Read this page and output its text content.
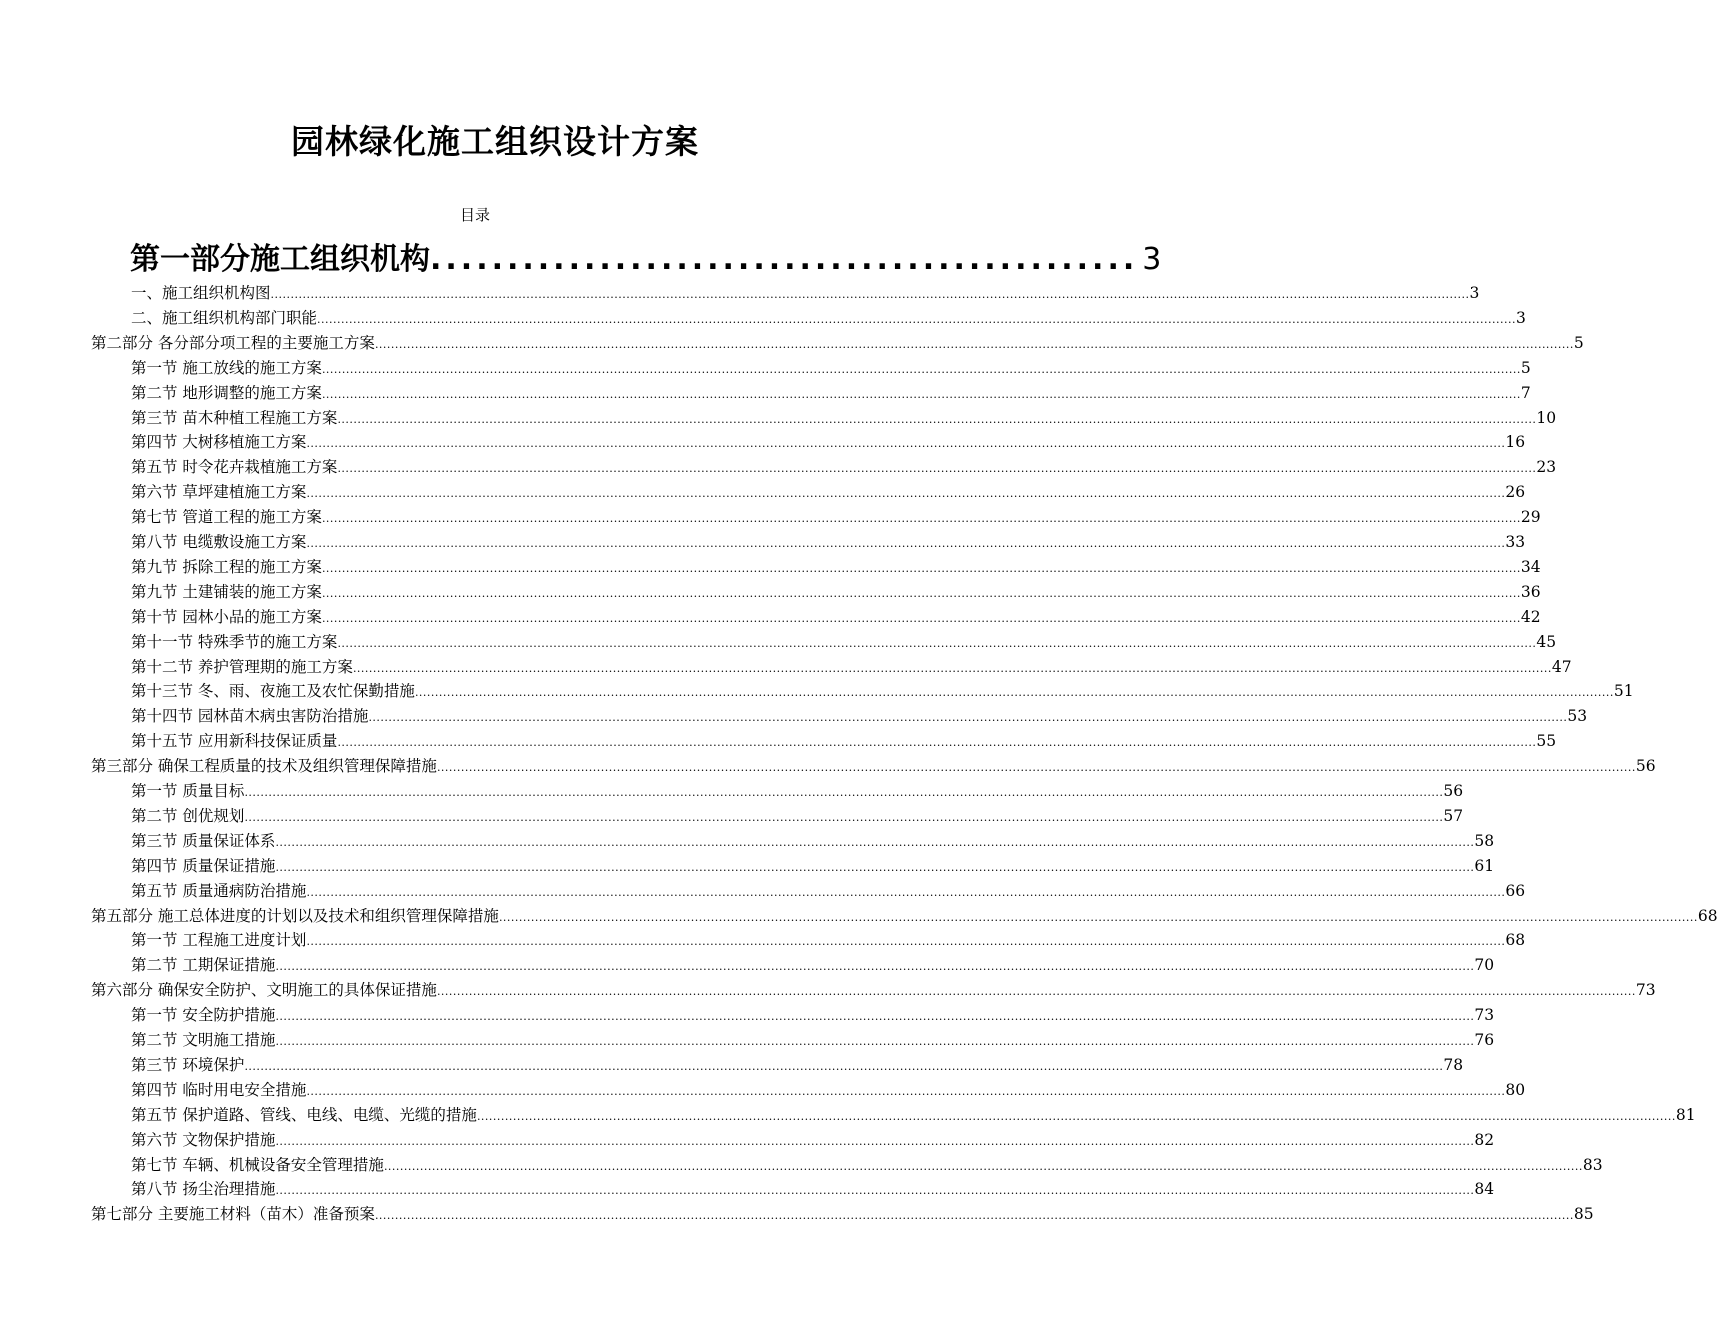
园林绿化施工组织设计方案
目录
第一部分 施工组织机构 .............................................. 3
一、施工组织机构图 ............................................................................................................................................................................................................................................................................................................ 3
二、施工组织机构部门职能 ............................................................................................................................................................................................................................................................................................................ 3
第二部分 各分部分项工程的主要施工方案 ............................................................................................................................................................................................................................................................................................................ 5
第一节 施工放线的施工方案 ............................................................................................................................................................................................................................................................................................................ 5
第二节 地形调整的施工方案 ............................................................................................................................................................................................................................................................................................................ 7
第三节 苗木种植工程施工方案 ............................................................................................................................................................................................................................................................................................................ 10
第四节 大树移植施工方案 ............................................................................................................................................................................................................................................................................................................ 16
第五节 时令花卉栽植施工方案 ............................................................................................................................................................................................................................................................................................................ 23
第六节 草坪建植施工方案 ............................................................................................................................................................................................................................................................................................................ 26
第七节 管道工程的施工方案 ............................................................................................................................................................................................................................................................................................................ 29
第八节 电缆敷设施工方案 ............................................................................................................................................................................................................................................................................................................ 33
第九节 拆除工程的施工方案 ............................................................................................................................................................................................................................................................................................................ 34
第九节 土建铺装的施工方案 ............................................................................................................................................................................................................................................................................................................ 36
第十节 园林小品的施工方案 ............................................................................................................................................................................................................................................................................................................ 42
第十一节 特殊季节的施工方案 ............................................................................................................................................................................................................................................................................................................ 45
第十二节 养护管理期的施工方案 ............................................................................................................................................................................................................................................................................................................ 47
第十三节 冬、雨、夜施工及农忙保勤措施 ............................................................................................................................................................................................................................................................................................................ 51
第十四节 园林苗木病虫害防治措施 ............................................................................................................................................................................................................................................................................................................ 53
第十五节 应用新科技保证质量 ............................................................................................................................................................................................................................................................................................................ 55
第三部分 确保工程质量的技术及组织管理保障措施 ............................................................................................................................................................................................................................................................................................................ 56
第一节 质量目标 ............................................................................................................................................................................................................................................................................................................ 56
第二节 创优规划 ............................................................................................................................................................................................................................................................................................................ 57
第三节 质量保证体系 ............................................................................................................................................................................................................................................................................................................ 58
第四节 质量保证措施 ............................................................................................................................................................................................................................................................................................................ 61
第五节 质量通病防治措施 ............................................................................................................................................................................................................................................................................................................ 66
第五部分 施工总体进度的计划以及技术和组织管理保障措施 ............................................................................................................................................................................................................................................................................................................ 68
第一节 工程施工进度计划 ............................................................................................................................................................................................................................................................................................................ 68
第二节 工期保证措施 ............................................................................................................................................................................................................................................................................................................ 70
第六部分 确保安全防护、文明施工的具体保证措施 ............................................................................................................................................................................................................................................................................................................ 73
第一节 安全防护措施 ............................................................................................................................................................................................................................................................................................................ 73
第二节 文明施工措施 ............................................................................................................................................................................................................................................................................................................ 76
第三节 环境保护 ............................................................................................................................................................................................................................................................................................................ 78
第四节 临时用电安全措施 ............................................................................................................................................................................................................................................................................................................ 80
第五节 保护道路、管线、电线、电缆、光缆的措施 ............................................................................................................................................................................................................................................................................................................ 81
第六节 文物保护措施 ............................................................................................................................................................................................................................................................................................................ 82
第七节 车辆、机械设备安全管理措施 ............................................................................................................................................................................................................................................................................................................ 83
第八节 扬尘治理措施 ............................................................................................................................................................................................................................................................................................................ 84
第七部分 主要施工材料（苗木）准备预案 ............................................................................................................................................................................................................................................................................................................ 85
